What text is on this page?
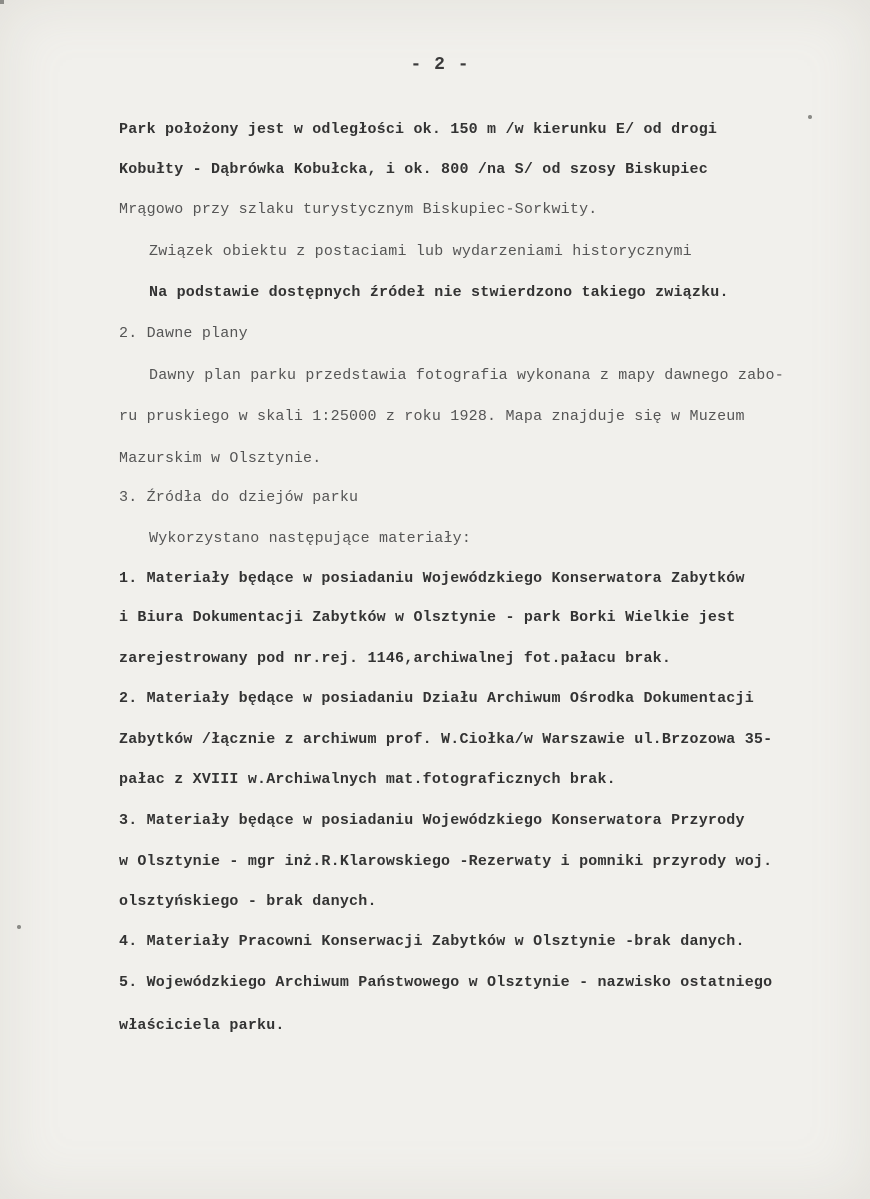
- 2 -
Park położony jest w odległości ok. 150 m /w kierunku E/ od drogi
Kobułty - Dąbrówka Kobułcka, i ok. 800 /na S/ od szosy Biskupiec
Mrągowo przy szlaku turystycznym Biskupiec-Sorkwity.
Związek obiektu z postaciami lub wydarzeniami historycznymi
Na podstawie dostępnych źródeł nie stwierdzono takiego związku.
2. Dawne plany
Dawny plan parku przedstawia fotografia wykonana z mapy dawnego zabo-
ru pruskiego w skali 1:25000 z roku 1928. Mapa znajduje się w Muzeum
Mazurskim w Olsztynie.
3. Źródła do dziejów parku
Wykorzystano następujące materiały:
1. Materiały będące w posiadaniu Wojewódzkiego Konserwatora Zabytków
i Biura Dokumentacji Zabytków w Olsztynie - park Borki Wielkie jest
zarejestrowany pod nr.rej. 1146,archiwalnej fot.pałacu brak.
2. Materiały będące w posiadaniu Działu Archiwum Ośrodka Dokumentacji
Zabytków /łącznie z archiwum prof. W.Ciołka/w Warszawie ul.Brzozowa 35-
pałac z XVIII w.Archiwalnych mat.fotograficznych brak.
3. Materiały będące w posiadaniu Wojewódzkiego Konserwatora Przyrody
w Olsztynie - mgr inż.R.Klarowskiego -Rezerwaty i pomniki przyrody woj.
olsztyńskiego - brak danych.
4. Materiały Pracowni Konserwacji Zabytków w Olsztynie -brak danych.
5. Wojewódzkiego Archiwum Państwowego w Olsztynie - nazwisko ostatniego
właściciela parku.
